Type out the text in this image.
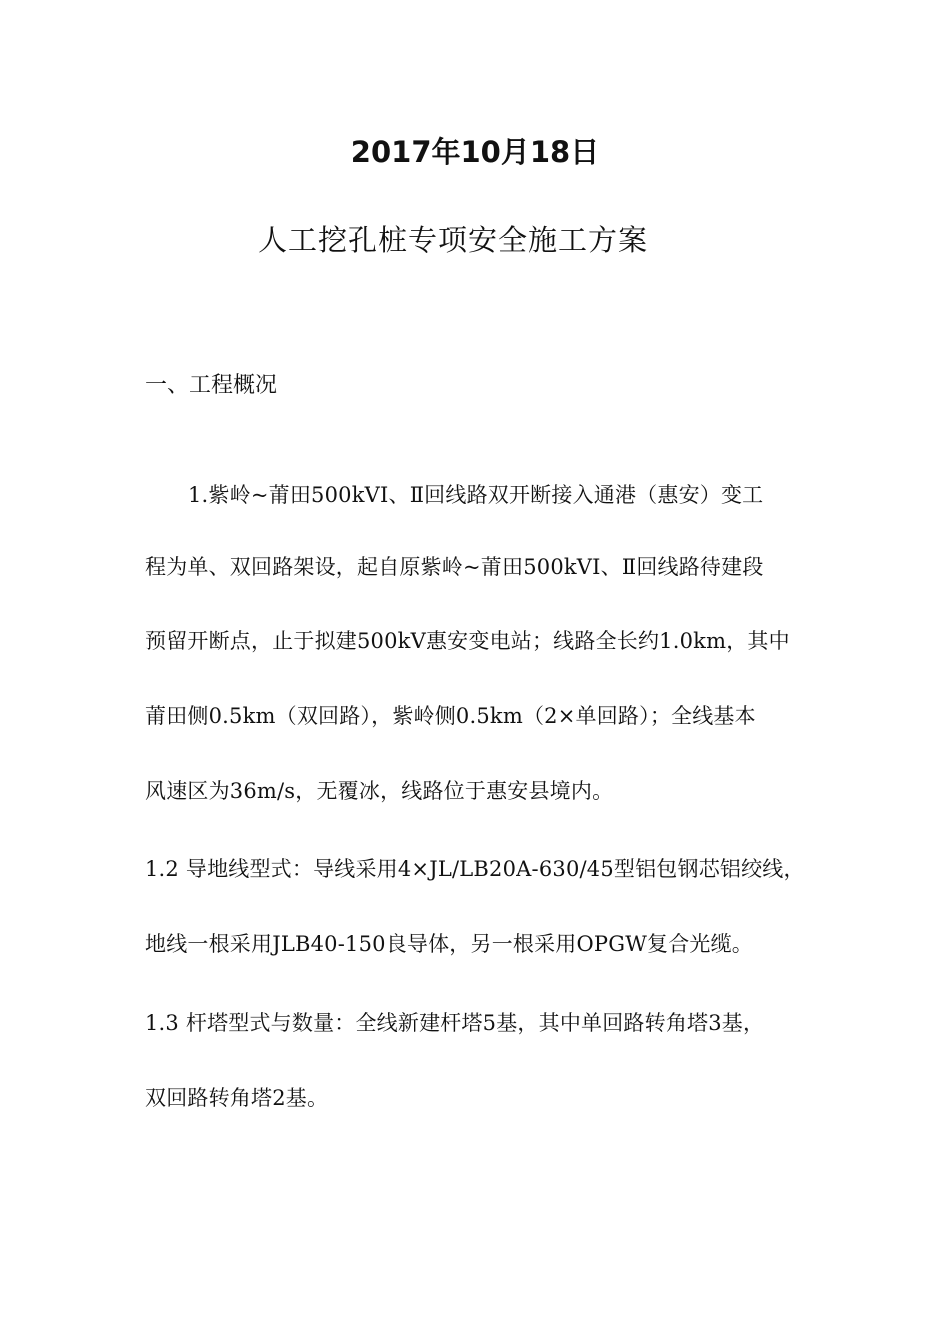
2017年10月18日
人工挖孔桩专项安全施工方案
一、工程概况
1.紫岭~莆田500kVⅠ、Ⅱ回线路双开断接入通港（惠安）变工
程为单、双回路架设，起自原紫岭~莆田500kVⅠ、Ⅱ回线路待建段
预留开断点，止于拟建500kV惠安变电站；线路全长约1.0km，其中
莆田侧0.5km（双回路），紫岭侧0.5km（2×单回路）；全线基本
风速区为36m/s，无覆冰，线路位于惠安县境内。
1.2 导地线型式：导线采用4×JL/LB20A-630/45型铝包钢芯铝绞线，
地线一根采用JLB40-150良导体，另一根采用OPGW复合光缆。
1.3 杆塔型式与数量：全线新建杆塔5基，其中单回路转角塔3基，
双回路转角塔2基。
